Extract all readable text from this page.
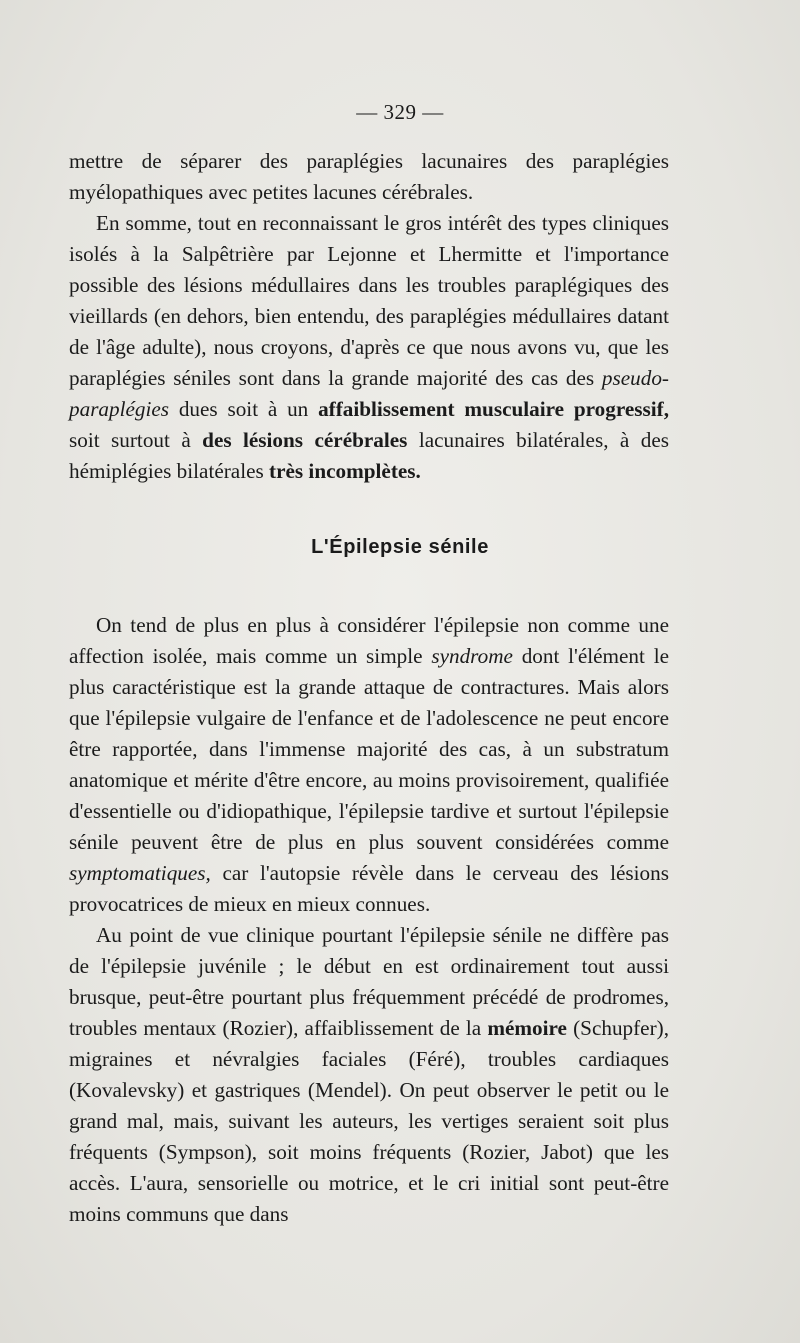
— 329 —

mettre de séparer des paraplégies lacunaires des paraplégies myélopathiques avec petites lacunes cérébrales.

En somme, tout en reconnaissant le gros intérêt des types cliniques isolés à la Salpêtrière par Lejonne et Lhermitte et l'importance possible des lésions médullaires dans les troubles paraplégiques des vieillards (en dehors, bien entendu, des paraplégies médullaires datant de l'âge adulte), nous croyons, d'après ce que nous avons vu, que les paraplégies séniles sont dans la grande majorité des cas des pseudo-paraplégies dues soit à un affaiblissement musculaire progressif, soit surtout à des lésions cérébrales lacunaires bilatérales, à des hémiplégies bilatérales très incomplètes.

L'Épilepsie sénile

On tend de plus en plus à considérer l'épilepsie non comme une affection isolée, mais comme un simple syndrome dont l'élément le plus caractéristique est la grande attaque de contractures. Mais alors que l'épilepsie vulgaire de l'enfance et de l'adolescence ne peut encore être rapportée, dans l'immense majorité des cas, à un substratum anatomique et mérite d'être encore, au moins provisoirement, qualifiée d'essentielle ou d'idiopathique, l'épilepsie tardive et surtout l'épilepsie sénile peuvent être de plus en plus souvent considérées comme symptomatiques, car l'autopsie révèle dans le cerveau des lésions provocatrices de mieux en mieux connues.

Au point de vue clinique pourtant l'épilepsie sénile ne diffère pas de l'épilepsie juvénile ; le début en est ordinairement tout aussi brusque, peut-être pourtant plus fréquemment précédé de prodromes, troubles mentaux (Rozier), affaiblissement de la mémoire (Schupfer), migraines et névralgies faciales (Féré), troubles cardiaques (Kovalevsky) et gastriques (Mendel). On peut observer le petit ou le grand mal, mais, suivant les auteurs, les vertiges seraient soit plus fréquents (Sympson), soit moins fréquents (Rozier, Jabot) que les accès. L'aura, sensorielle ou motrice, et le cri initial sont peut-être moins communs que dans
